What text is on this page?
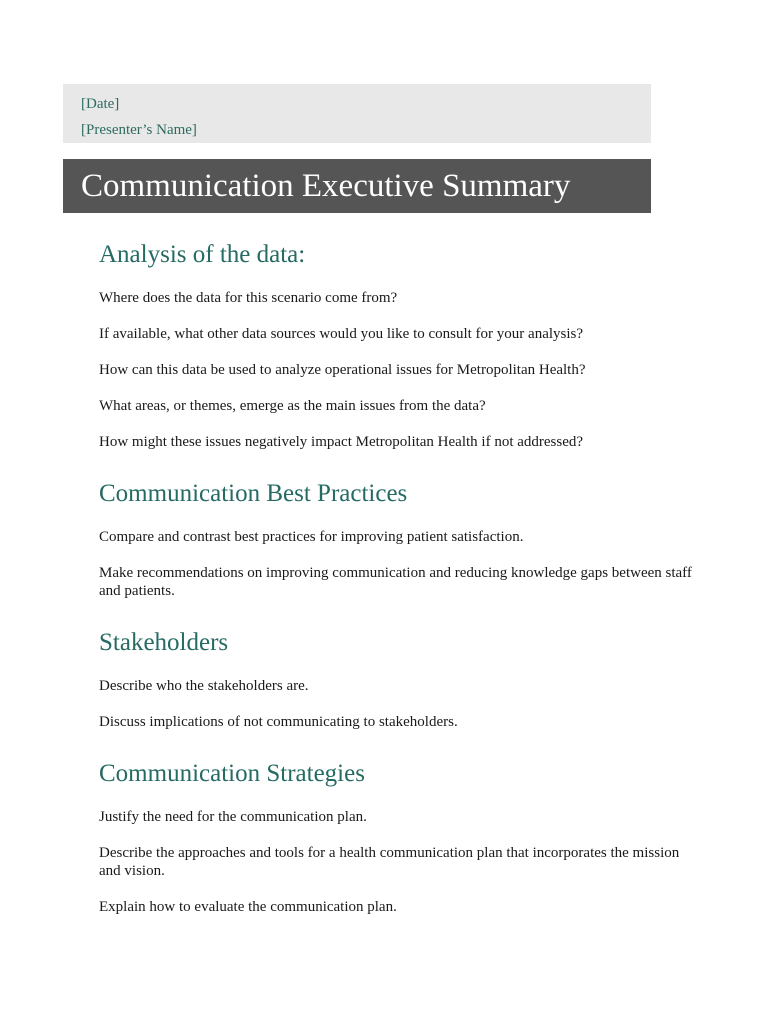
[Date]
[Presenter’s Name]
Communication Executive Summary
Analysis of the data:

Where does the data for this scenario come from?

If available, what other data sources would you like to consult for your analysis?

How can this data be used to analyze operational issues for Metropolitan Health?

What areas, or themes, emerge as the main issues from the data?

How might these issues negatively impact Metropolitan Health if not addressed?

Communication Best Practices

Compare and contrast best practices for improving patient satisfaction.

Make recommendations on improving communication and reducing knowledge gaps between staff and patients.

Stakeholders

Describe who the stakeholders are.

Discuss implications of not communicating to stakeholders.

Communication Strategies

Justify the need for the communication plan.

Describe the approaches and tools for a health communication plan that incorporates the mission and vision.

Explain how to evaluate the communication plan.
